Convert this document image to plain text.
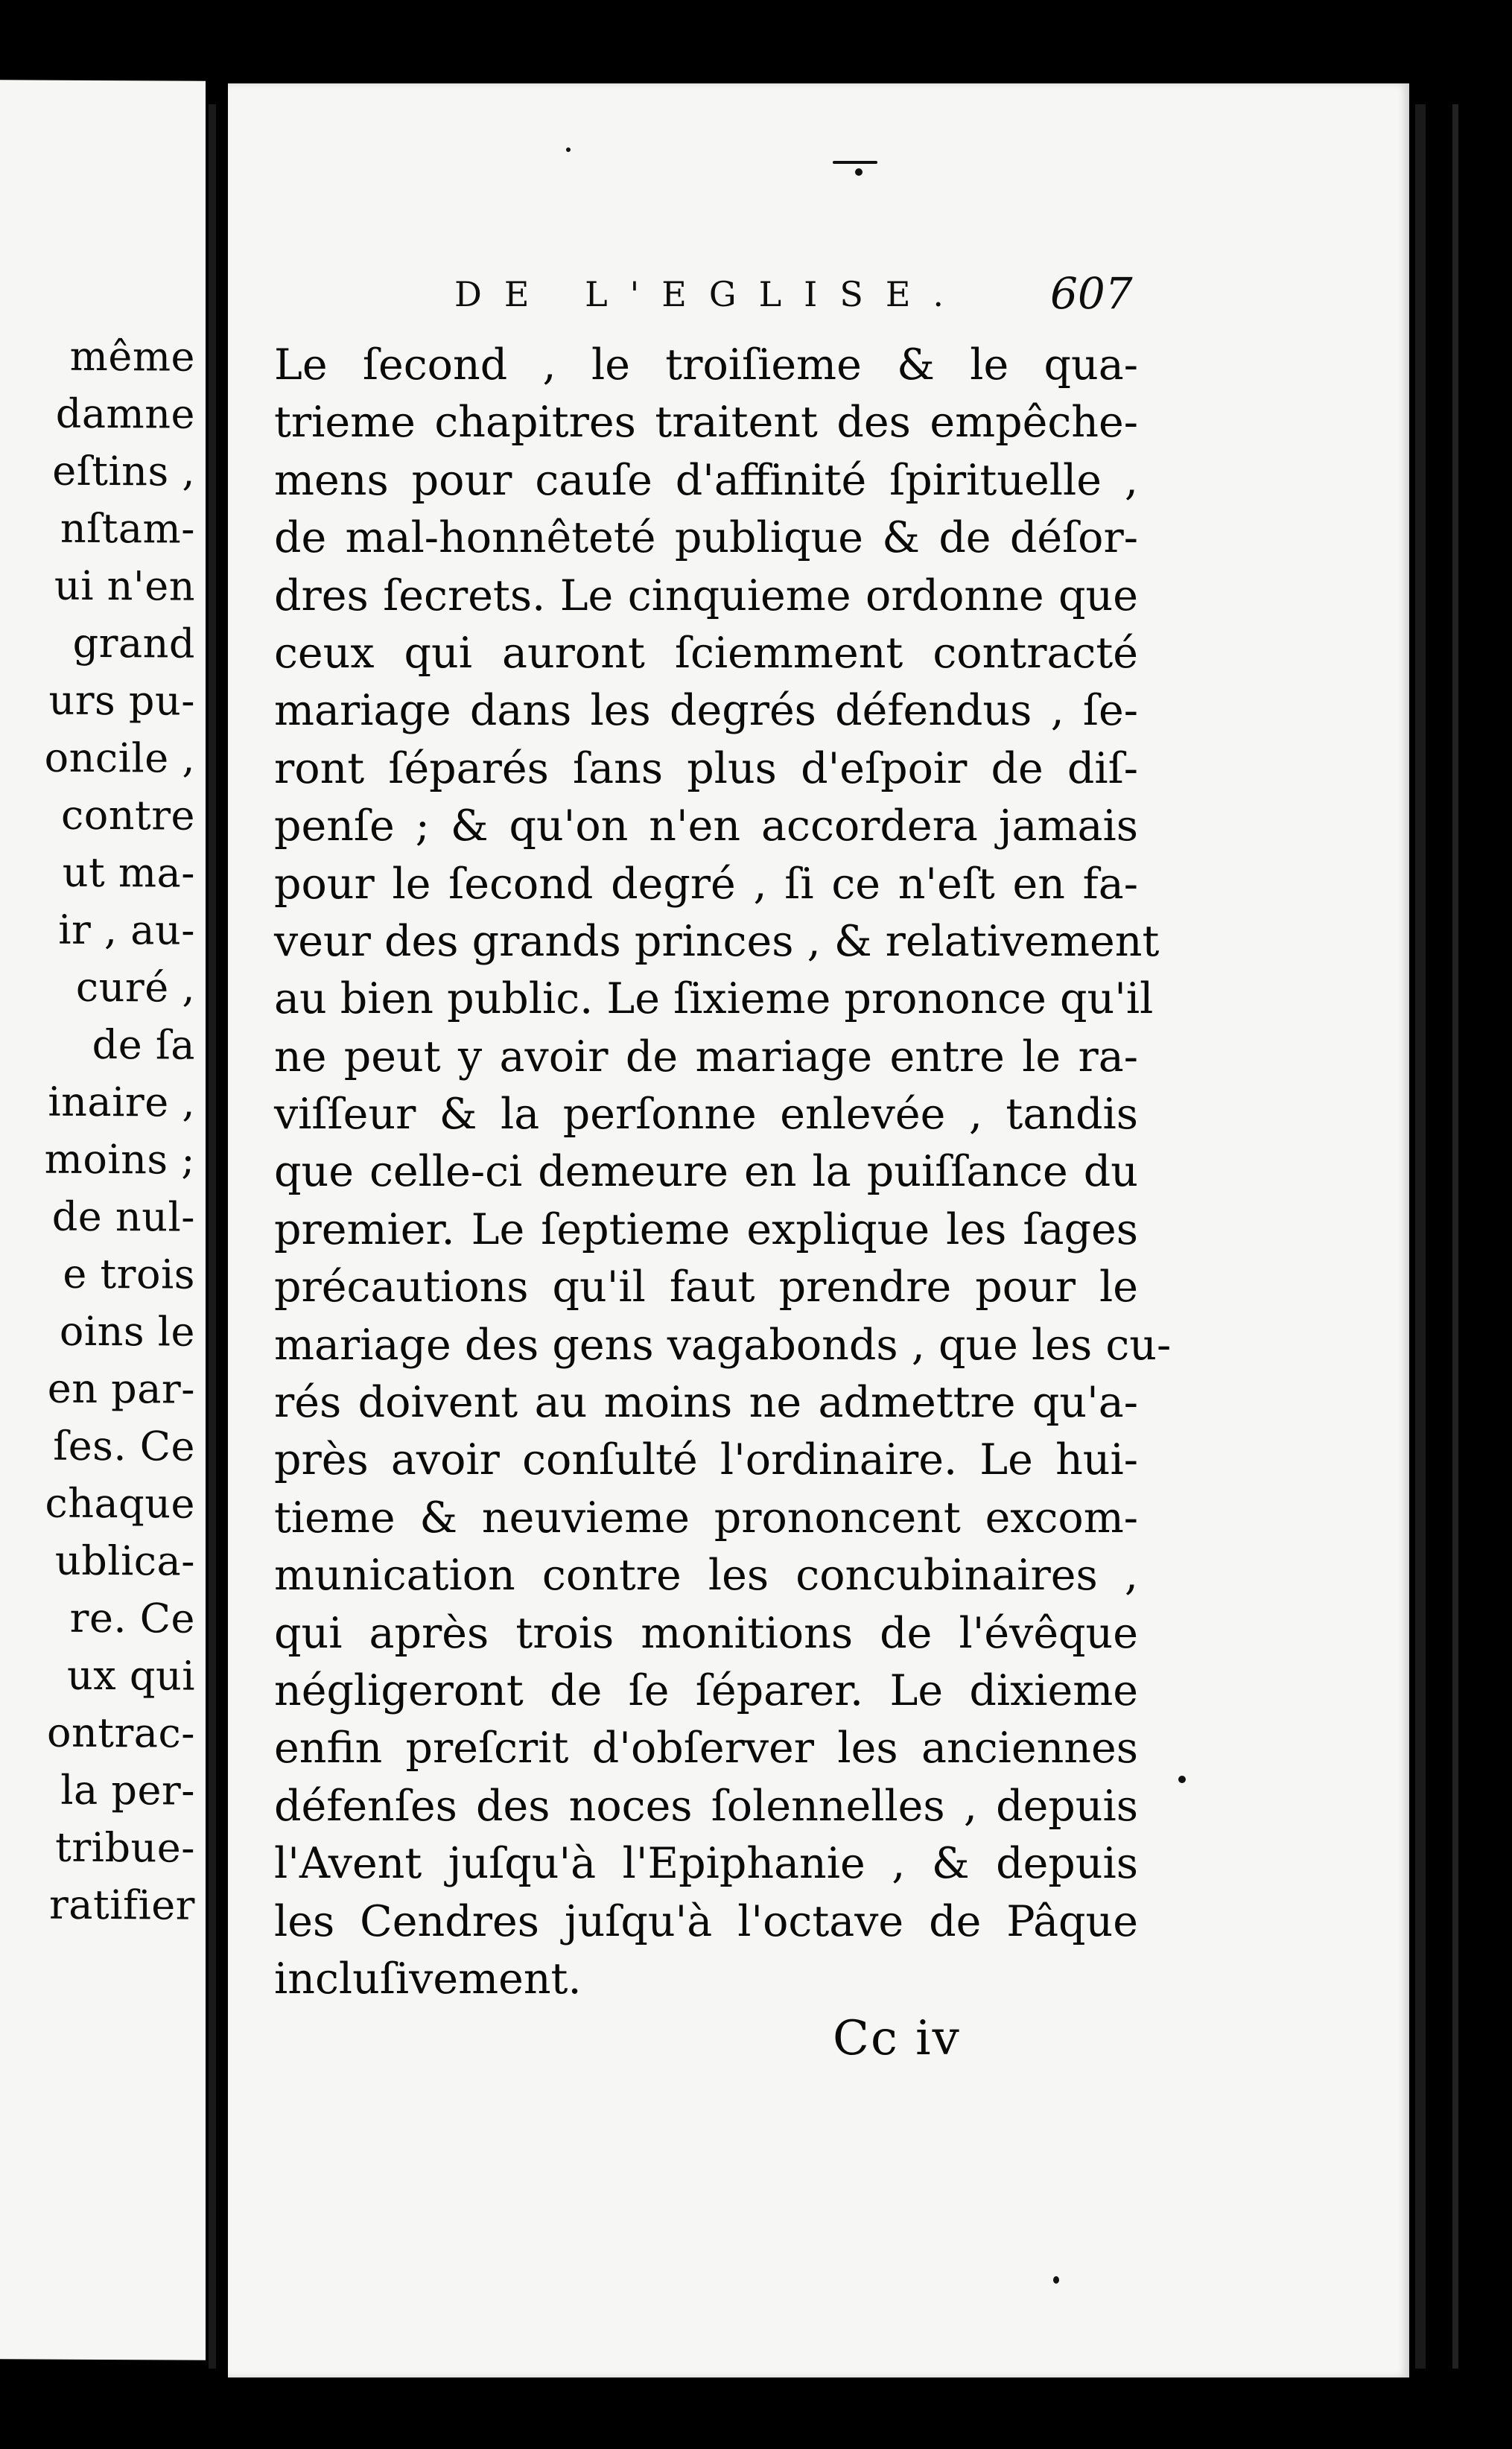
même
damne
eſtins ,
nſtam-
ui n'en
grand
urs pu-
oncile ,
contre
ut ma-
ir , au-
curé ,
de ſa
inaire ,
moins ;
de nul-
e trois
oins le
en par-
ſes. Ce
chaque
ublica-
re. Ce
ux qui
ontrac-
la per-
tribue-
ratifier
DE L'EGLISE. 607
Le ſecond , le troiſieme & le qua-
trieme chapitres traitent des empêche-
mens pour cauſe d'affinité ſpirituelle ,
de mal-honnêteté publique & de déſor-
dres ſecrets. Le cinquieme ordonne que
ceux qui auront ſciemment contracté
mariage dans les degrés défendus , ſe-
ront ſéparés ſans plus d'eſpoir de diſ-
penſe ; & qu'on n'en accordera jamais
pour le ſecond degré , ſi ce n'eſt en fa-
veur des grands princes , & relativement
au bien public. Le ſixieme prononce qu'il
ne peut y avoir de mariage entre le ra-
viſſeur & la perſonne enlevée , tandis
que celle-ci demeure en la puiſſance du
premier. Le ſeptieme explique les ſages
précautions qu'il faut prendre pour le
mariage des gens vagabonds , que les cu-
rés doivent au moins ne admettre qu'a-
près avoir conſulté l'ordinaire. Le hui-
tieme & neuvieme prononcent excom-
munication contre les concubinaires ,
qui après trois monitions de l'évêque
négligeront de ſe ſéparer. Le dixieme
enfin preſcrit d'obſerver les anciennes
défenſes des noces ſolennelles , depuis
l'Avent juſqu'à l'Epiphanie , & depuis
les Cendres juſqu'à l'octave de Pâque
incluſivement.
Cc iv
